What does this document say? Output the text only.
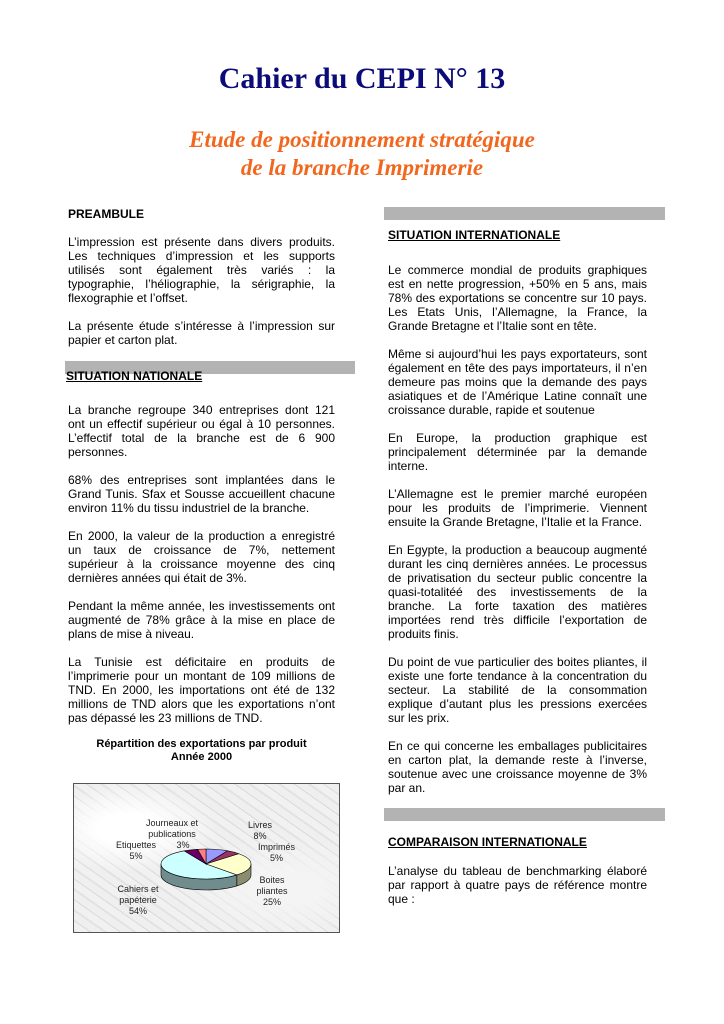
Cahier du CEPI N° 13
Etude de positionnement stratégique
de la branche Imprimerie
PREAMBULE

L’impression est présente dans divers produits. Les techniques d’impression et les supports utilisés sont également très variés : la typographie, l’héliographie, la sérigraphie, la flexographie et l’offset.

La présente étude s’intéresse à l’impression sur papier et carton plat.

SITUATION NATIONALE

La branche regroupe 340 entreprises dont 121 ont un effectif supérieur ou égal à 10 personnes. L’effectif total de la branche est de 6 900 personnes.

68% des entreprises sont implantées dans le Grand Tunis. Sfax et Sousse accueillent chacune environ 11% du tissu industriel de la branche.

En 2000, la valeur de la production a enregistré un taux de croissance de 7%, nettement supérieur à la croissance moyenne des cinq dernières années qui était de 3%.

Pendant la même année, les investissements ont augmenté de 78% grâce à la mise en place de plans de mise à niveau.

La Tunisie est déficitaire en produits de l’imprimerie pour un montant de 109 millions de TND. En 2000, les importations ont été de 132 millions de TND alors que les exportations n’ont pas dépassé les 23 millions de TND.

Répartition des exportations par produit
Année 2000
Journeaux et publications
3%
Etiquettes
5%
Livres
8%
Imprimés
5%
Boites pliantes
25%
Cahiers et papéterie
54%
SITUATION INTERNATIONALE

Le commerce mondial de produits graphiques est en nette progression, +50% en 5 ans, mais 78% des exportations se concentre sur 10 pays. Les Etats Unis, l’Allemagne, la France, la Grande Bretagne et l’Italie sont en tête.

Même si aujourd’hui les pays exportateurs, sont également en tête des pays importateurs, il n’en demeure pas moins que la demande des pays asiatiques et de l’Amérique Latine connaît une croissance durable, rapide et soutenue

En Europe, la production graphique est principalement déterminée par la demande interne.

L’Allemagne est le premier marché européen pour les produits de l’imprimerie. Viennent ensuite la Grande Bretagne, l’Italie et la France.

En Egypte, la production a beaucoup augmenté durant les cinq dernières années. Le processus de privatisation du secteur public concentre la quasi-totalitéé des investissements de la branche. La forte taxation des matières importées rend très difficile l’exportation de produits finis.

Du point de vue particulier des boites pliantes, il existe une forte tendance à la concentration du secteur. La stabilité de la consommation explique d’autant plus les pressions exercées sur les prix.

En ce qui concerne les emballages publicitaires en carton plat, la demande reste à l’inverse, soutenue avec une croissance moyenne de 3% par an.

COMPARAISON INTERNATIONALE

L’analyse du tableau de benchmarking élaboré par rapport à quatre pays de référence montre que :
